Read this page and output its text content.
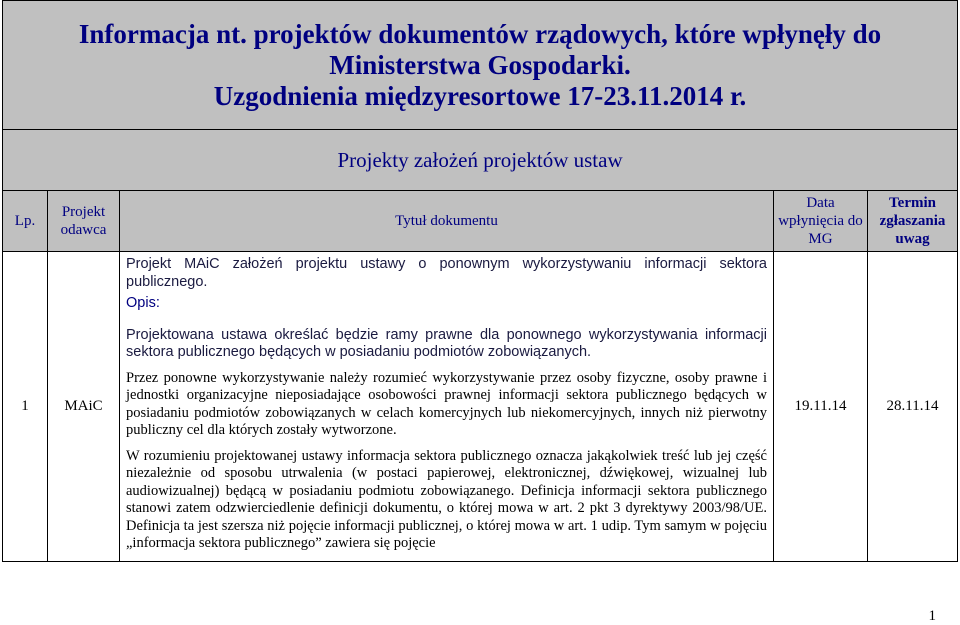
Informacja nt. projektów dokumentów rządowych, które wpłynęły do
Ministerstwa Gospodarki.
Uzgodnienia międzyresortowe 17-23.11.2014 r.				

Projekty założeń projektów ustaw				
Lp.	Projekt odawca	Tytuł dokumentu	Data wpłynięcia do MG	Termin zgłaszania uwag
1	MAiC	Projekt MAiC założeń projektu ustawy o ponownym wykorzystywaniu informacji sektora publicznego.
Opis:
Projektowana ustawa określać będzie ramy prawne dla ponownego wykorzystywania informacji sektora publicznego będących w posiadaniu podmiotów zobowiązanych.
Przez ponowne wykorzystywanie należy rozumieć wykorzystywanie przez osoby fizyczne, osoby prawne i jednostki organizacyjne nieposiadające osobowości prawnej informacji sektora publicznego będących w posiadaniu podmiotów zobowiązanych w celach komercyjnych lub niekomercyjnych, innych niż pierwotny publiczny cel dla których zostały wytworzone.
W rozumieniu projektowanej ustawy informacja sektora publicznego oznacza jakąkolwiek treść lub jej część niezależnie od sposobu utrwalenia (w postaci papierowej, elektronicznej, dźwiękowej, wizualnej lub audiowizualnej) będącą w posiadaniu podmiotu zobowiązanego. Definicja informacji sektora publicznego stanowi zatem odzwierciedlenie definicji dokumentu, o której mowa w art. 2 pkt 3 dyrektywy 2003/98/UE. Definicja ta jest szersza niż pojęcie informacji publicznej, o której mowa w art. 1 udip. Tym samym w pojęciu „informacja sektora publicznego” zawiera się pojęcie	19.11.14	28.11.14
1
